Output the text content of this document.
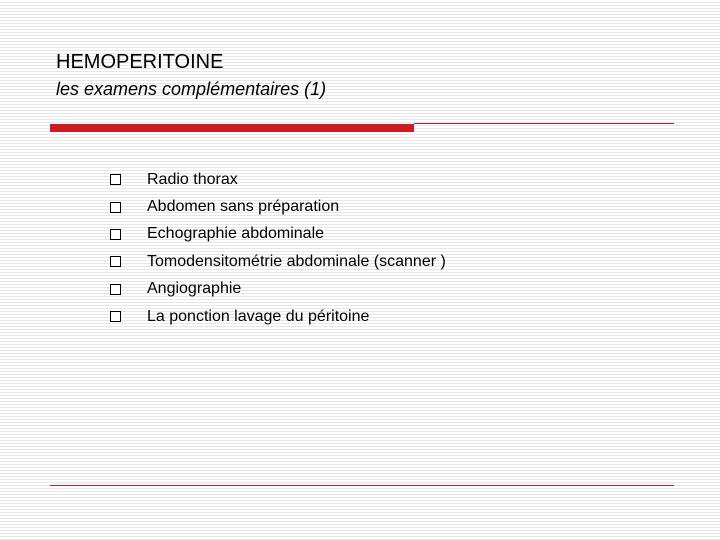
HEMOPERITOINE
les examens complémentaires (1)
Radio thorax
Abdomen sans préparation
Echographie abdominale
Tomodensitométrie abdominale (scanner )
Angiographie
La ponction lavage du péritoine
